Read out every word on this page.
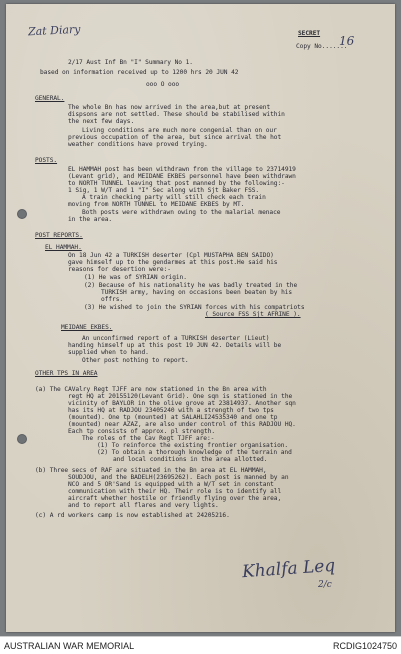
Zat Diary	SECRET
Copy No.......
16
2/17 Aust Inf Bn "I" Summary No 1.
based on information received up to 1200 hrs 20 JUN 42
ooo O ooo
GENERAL.
The whole Bn has now arrived in the area,but at present
dispsons are not settled. These should be stabilised within
the next few days.
Living conditions are much more congenial than on our
previous occupation of the area, but since arrival the hot
weather conditions have proved trying.
POSTS.
EL HAMMAH post has been withdrawn from the village to 23714919
(Levant grid), and MEIDANE EKBES personnel have been withdrawn
to NORTH TUNNEL leaving that post manned by the following:-
1 Sig, 1 W/T and 1 "I" Sec along with Sjt Baker FSS.
A train checking party will still check each train
moving from NORTH TUNNEL to MEIDANE EKBES by MT.
Both posts were withdrawn owing to the malarial menace
in the area.
POST REPORTS.
EL HAMMAH.
On 18 Jun 42 a TURKISH deserter (Cpl MUSTAPHA BEN SAIDO)
gave himself up to the gendarmes at this post.He said his
reasons for desertion were:-
(1) He was of SYRIAN origin.
(2) Because of his nationality he was badly treated in the
TURKISH army, having on occasions been beaten by his
offrs.
(3) He wished to join the SYRIAN forces with his compatriots
( Source FSS Sjt AFRINE ).
MEIDANE EKBES.
An unconfirmed report of a TURKISH deserter (Lieut)
handing himself up at this post 19 JUN 42. Details will be
supplied when to hand.
Other post nothing to report.
OTHER TPS IN AREA
(a) The CAValry Regt TJFF are now stationed in the Bn area with
regt HQ at 20155120(Levant Grid). One sqn is stationed in the
vicinity of BAYLOR in the olive grove at 23814937. Another sqn
has its HQ at RADJOU 23405240 with a strength of two tps
(mounted). One tp (mounted) at SALAHLI24535340 and one tp
(mounted) near AZAZ, are also under control of this RADJOU HQ.
Each tp consists of approx. pl strength.
The roles of the Cav Regt TJFF are:-
(1) To reinforce the existing frontier organisation.
(2) To obtain a thorough knowledge of the terrain and
and local conditions in the area allotted.
(b) Three secs of RAF are situated in the Bn area at EL HAMMAH,
SOUDJOU, and the BADELH(23695262). Each post is manned by an
NCO and 5 OR'Sand is equipped with a W/T set in constant
communication with their HQ. Their role is to identify all
aircraft whether hostile or friendly flying over the area,
and to report all flares and very lights.
(c) A rd workers camp is now established at 24205216.
Khalfa Leq
2/c
AUSTRALIAN WAR MEMORIAL	RCDIG1024750
